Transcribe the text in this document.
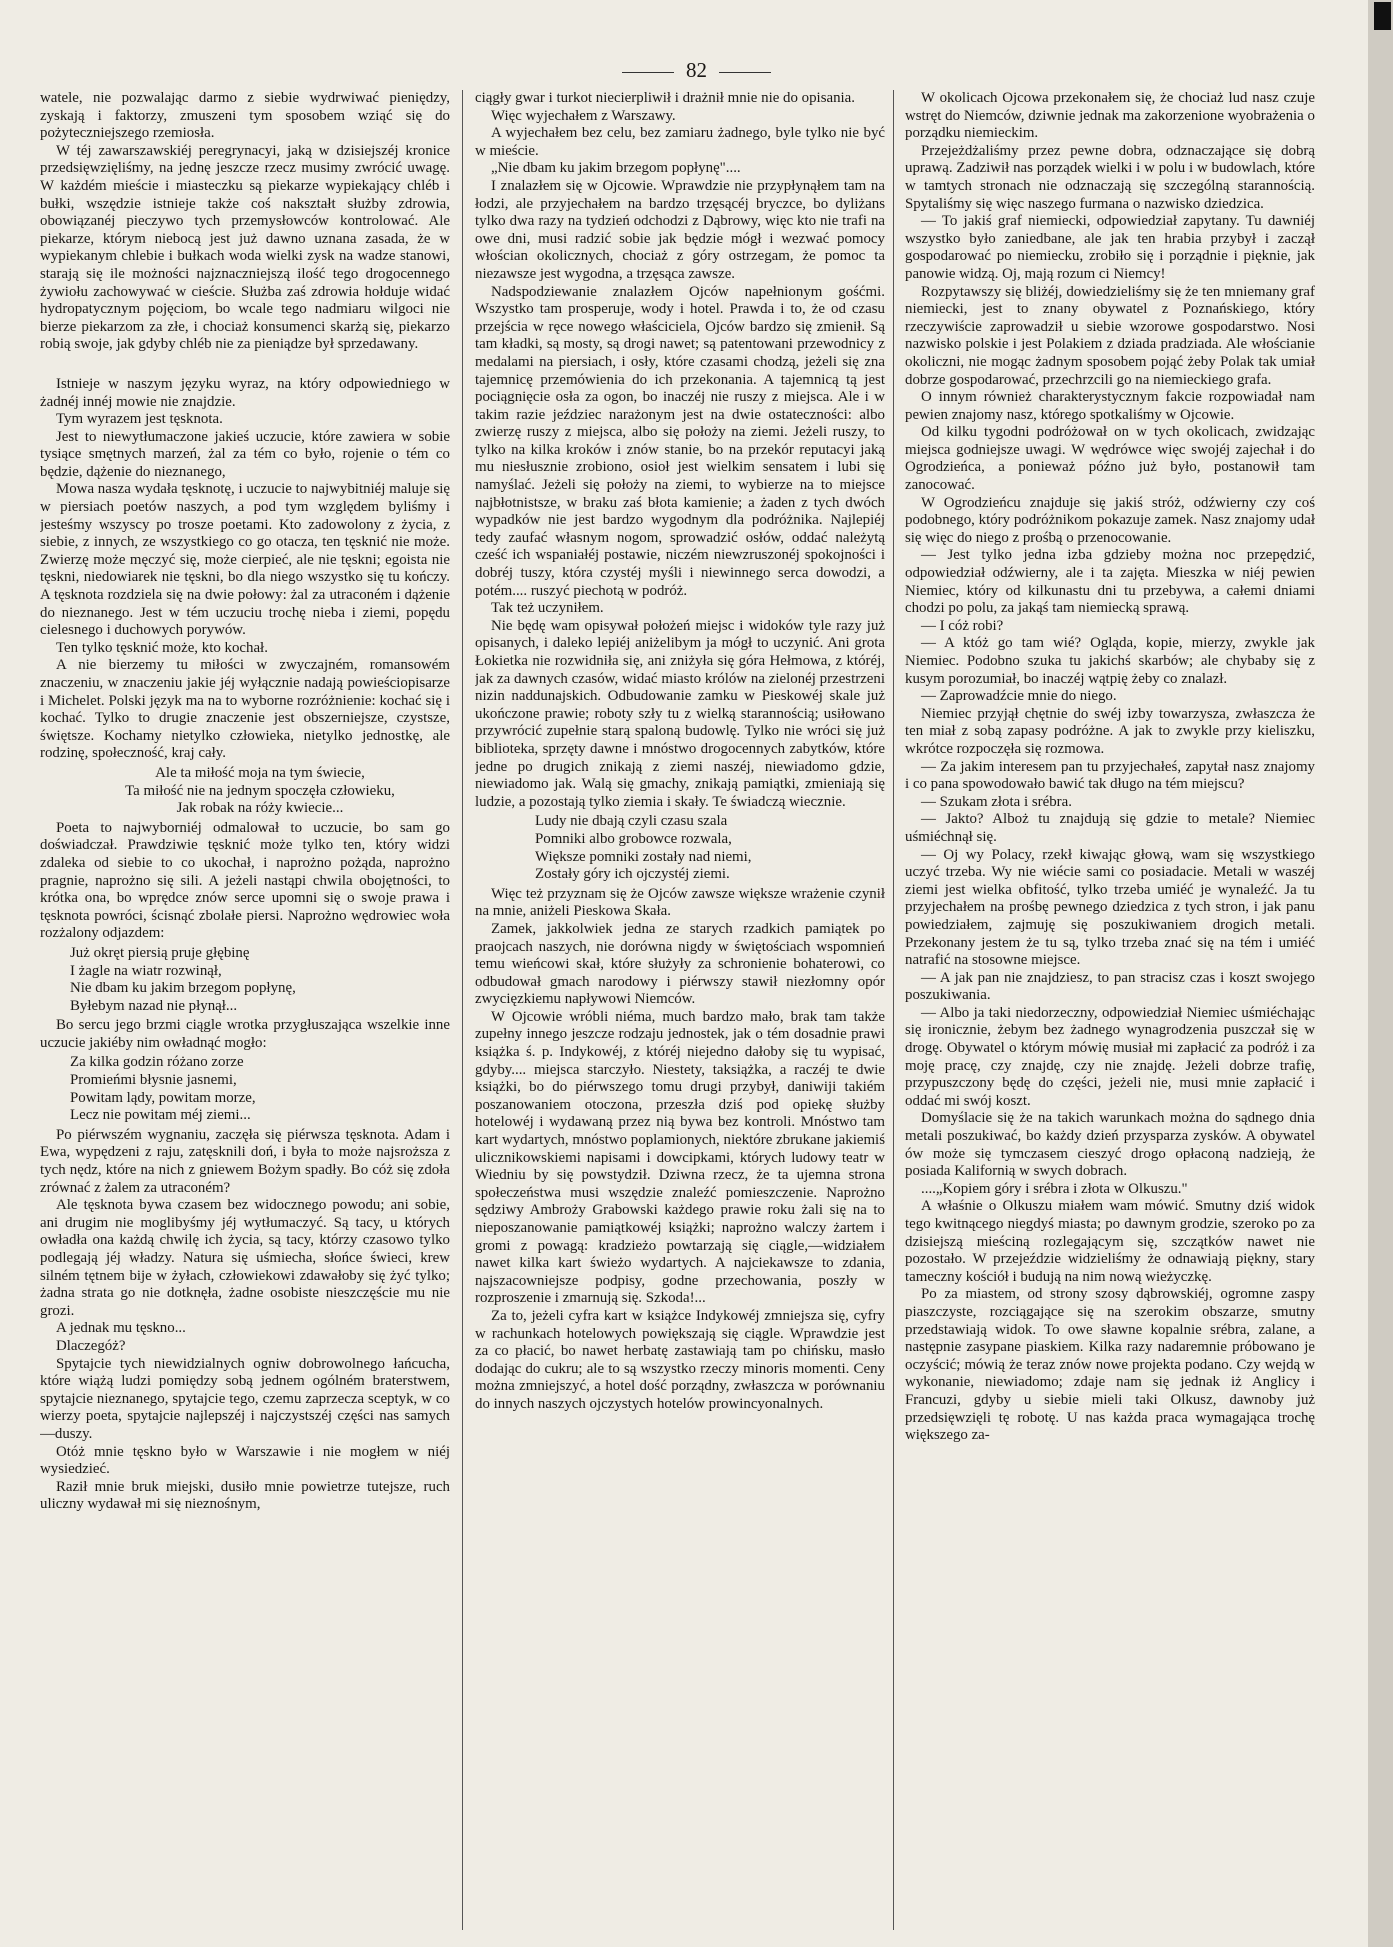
82

watele, nie pozwalając darmo z siebie wydrwiwać pieniędzy, zyskają i faktorzy, zmuszeni tym sposobem wziąć się do pożyteczniejszego rzemiosła.

W téj zawarszawskiéj peregrynacyi, jaką w dzisiejszéj kronice przedsięwzięliśmy, na jednę jeszcze rzecz musimy zwrócić uwagę. W każdém mieście i miasteczku są piekarze wypiekający chléb i bułki, wszędzie istnieje także coś nakształt służby zdrowia, obowiązanéj pieczywo tych przemysłowców kontrolować. Ale piekarze, którym niebocą jest już dawno uznana zasada, że w wypiekanym chlebie i bułkach woda wielki zysk na wadze stanowi, starają się ile możności najznaczniejszą ilość tego drogocennego żywiołu zachowywać w cieście. Służba zaś zdrowia hołduje widać hydropatycznym pojęciom, bo wcale tego nadmiaru wilgoci nie bierze piekarzom za złe, i chociaż konsumenci skarżą się, piekarzo robią swoje, jak gdyby chléb nie za pieniądze był sprzedawany.

Istnieje w naszym języku wyraz, na który odpowiedniego w żadnéj innéj mowie nie znajdzie.

Tym wyrazem jest tęsknota.

Jest to niewytłumaczone jakieś uczucie, które zawiera w sobie tysiące smętnych marzeń, żal za tém co było, rojenie o tém co będzie, dążenie do nieznanego,

Mowa nasza wydała tęsknotę, i uczucie to najwybitniéj maluje się w piersiach poetów naszych, a pod tym względem byliśmy i jesteśmy wszyscy po trosze poetami. Kto zadowolony z życia, z siebie, z innych, ze wszystkiego co go otacza, ten tęsknić nie może. Zwierzę może męczyć się, może cierpieć, ale nie tęskni; egoista nie tęskni, niedowiarek nie tęskni, bo dla niego wszystko się tu kończy. A tęsknota rozdziela się na dwie połowy: żal za utraconém i dążenie do nieznanego. Jest w tém uczuciu trochę nieba i ziemi, popędu cielesnego i duchowych porywów.

Ten tylko tęsknić może, kto kochał.

A nie bierzemy tu miłości w zwyczajném, romansowém znaczeniu, w znaczeniu jakie jéj wyłącznie nadają powieściopisarze i Michelet. Polski język ma na to wyborne rozróżnienie: kochać się i kochać. Tylko to drugie znaczenie jest obszerniejsze, czystsze, świętsze. Kochamy nietylko człowieka, nietylko jednostkę, ale rodzinę, społeczność, kraj cały.

Ale ta miłość moja na tym świecie,
Ta miłość nie na jednym spoczęła człowieku,
Jak robak na róży kwiecie...

Poeta to najwyborniéj odmalował to uczucie, bo sam go doświadczał. Prawdziwie tęsknić może tylko ten, który widzi zdaleka od siebie to co ukochał, i naprożno pożąda, naprożno pragnie, naprożno się sili. A jeżeli nastąpi chwila obojętności, to krótka ona, bo wprędce znów serce upomni się o swoje prawa i tęsknota powróci, ścisnąć zbolałe piersi. Naprożno wędrowiec woła rozżalony odjazdem:

Już okręt piersią pruje głębinę
I żagle na wiatr rozwinął,
Nie dbam ku jakim brzegom popłynę,
Byłebym nazad nie płynął...

Bo sercu jego brzmi ciągle wrotka przygłuszająca wszelkie inne uczucie jakiéby nim owładnąć mogło:

Za kilka godzin różano zorze
Promieńmi błysnie jasnemi,
Powitam lądy, powitam morze,
Lecz nie powitam méj ziemi...

Po piérwszém wygnaniu, zaczęła się piérwsza tęsknota. Adam i Ewa, wypędzeni z raju, zatęsknili doń, i była to może najsroższa z tych nędz, które na nich z gniewem Bożym spadły. Bo cóż się zdoła zrównać z żalem za utraconém?

Ale tęsknota bywa czasem bez widocznego powodu; ani sobie, ani drugim nie moglibyśmy jéj wytłumaczyć. Są tacy, u których owładła ona każdą chwilę ich życia, są tacy, którzy czasowo tylko podlegają jéj władzy. Natura się uśmiecha, słońce świeci, krew silném tętnem bije w żyłach, człowiekowi zdawałoby się żyć tylko; żadna strata go nie dotknęła, żadne osobiste nieszczęście mu nie grozi.

A jednak mu tęskno...

Dlaczegóż?

Spytajcie tych niewidzialnych ogniw dobrowolnego łańcucha, które wiążą ludzi pomiędzy sobą jednem ogólném braterstwem, spytajcie nieznanego, spytajcie tego, czemu zaprzecza sceptyk, w co wierzy poeta, spytajcie najlepszéj i najczystszéj części nas samych—duszy.

Otóż mnie tęskno było w Warszawie i nie mogłem w niéj wysiedzieć.

Raził mnie bruk miejski, dusiło mnie powietrze tutejsze, ruch uliczny wydawał mi się nieznośnym,

ciągły gwar i turkot niecierpliwił i drażnił mnie nie do opisania.

Więc wyjechałem z Warszawy.

A wyjechałem bez celu, bez zamiaru żadnego, byle tylko nie być w mieście.

„Nie dbam ku jakim brzegom popłynę"....

I znalazłem się w Ojcowie. Wprawdzie nie przypłynąłem tam na łodzi, ale przyjechałem na bardzo trzęsącéj bryczce, bo dyliżans tylko dwa razy na tydzień odchodzi z Dąbrowy, więc kto nie trafi na owe dni, musi radzić sobie jak będzie mógł i wezwać pomocy włościan okolicznych, chociaż z góry ostrzegam, że pomoc ta niezawsze jest wygodna, a trzęsąca zawsze.

Nadspodziewanie znalazłem Ojców napełnionym gośćmi. Wszystko tam prosperuje, wody i hotel. Prawda i to, że od czasu przejścia w ręce nowego właściciela, Ojców bardzo się zmienił. Są tam kładki, są mosty, są drogi nawet; są patentowani przewodnicy z medalami na piersiach, i osły, które czasami chodzą, jeżeli się zna tajemnicę przemówienia do ich przekonania. A tajemnicą tą jest pociągnięcie osła za ogon, bo inaczéj nie ruszy z miejsca. Ale i w takim razie jeździec narażonym jest na dwie ostateczności: albo zwierzę ruszy z miejsca, albo się położy na ziemi. Jeżeli ruszy, to tylko na kilka kroków i znów stanie, bo na przekór reputacyi jaką mu niesłusznie zrobiono, osioł jest wielkim sensatem i lubi się namyślać. Jeżeli się położy na ziemi, to wybierze na to miejsce najbłotnistsze, w braku zaś błota kamienie; a żaden z tych dwóch wypadków nie jest bardzo wygodnym dla podróżnika. Najlepiéj tedy zaufać własnym nogom, sprowadzić osłów, oddać należytą cześć ich wspaniałéj postawie, niczém niewzruszonéj spokojności i dobréj tuszy, która czystéj myśli i niewinnego serca dowodzi, a potém.... ruszyć piechotą w podróż.

Tak też uczyniłem.

Nie będę wam opisywał położeń miejsc i widoków tyle razy już opisanych, i daleko lepiéj aniżelibym ja mógł to uczynić. Ani grota Łokietka nie rozwidniła się, ani zniżyła się góra Hełmowa, z któréj, jak za dawnych czasów, widać miasto królów na zielonéj przestrzeni nizin naddunajskich. Odbudowanie zamku w Pieskowéj skale już ukończone prawie; roboty szły tu z wielką starannością; usiłowano przywrócić zupełnie starą spaloną budowlę. Tylko nie wróci się już biblioteka, sprzęty dawne i mnóstwo drogocennych zabytków, które jedne po drugich znikają z ziemi naszéj, niewiadomo gdzie, niewiadomo jak. Walą się gmachy, znikają pamiątki, zmieniają się ludzie, a pozostają tylko ziemia i skały. Te świadczą wiecznie.

Ludy nie dbają czyli czasu szala
Pomniki albo grobowce rozwala,
Większe pomniki zostały nad niemi,
Zostały góry ich ojczystéj ziemi.

Więc też przyznam się że Ojców zawsze większe wrażenie czynił na mnie, aniżeli Pieskowa Skała.

Zamek, jakkolwiek jedna ze starych rzadkich pamiątek po praojcach naszych, nie dorówna nigdy w świętościach wspomnień temu wieńcowi skał, które służyły za schronienie bohaterowi, co odbudował gmach narodowy i piérwszy stawił niezłomny opór zwycięzkiemu napływowi Niemców.

W Ojcowie wróbli niéma, much bardzo mało, brak tam także zupełny innego jeszcze rodzaju jednostek, jak o tém dosadnie prawi książka ś. p. Indykowéj, z któréj niejedno dałoby się tu wypisać, gdyby.... miejsca starczyło. Niestety, taksiążka, a raczéj te dwie książki, bo do piérwszego tomu drugi przybył, daniwiji takiém poszanowaniem otoczona, przeszła dziś pod opiekę służby hotelowéj i wydawaną przez nią bywa bez kontroli. Mnóstwo tam kart wydartych, mnóstwo poplamionych, niektóre zbrukane jakiemiś ulicznikowskiemi napisami i dowcipkami, których ludowy teatr w Wiedniu by się powstydził. Dziwna rzecz, że ta ujemna strona społeczeństwa musi wszędzie znaleźć pomieszczenie. Naprożno sędziwy Ambroży Grabowski każdego prawie roku żali się na to nieposzanowanie pamiątkowéj książki; naprożno walczy żartem i gromi z powagą: kradzieżo powtarzają się ciągle,—widziałem nawet kilka kart świeżo wydartych. A najciekawsze to zdania, najszacowniejsze podpisy, godne przechowania, poszły w rozproszenie i zmarnują się. Szkoda!...

Za to, jeżeli cyfra kart w książce Indykowéj zmniejsza się, cyfry w rachunkach hotelowych powiększają się ciągle. Wprawdzie jest za co płacić, bo nawet herbatę zastawiają tam po chińsku, masło dodając do cukru; ale to są wszystko rzeczy minoris momenti. Ceny można zmniejszyć, a hotel dość porządny, zwłaszcza w porównaniu do innych naszych ojczystych hotelów prowincyonalnych.

W okolicach Ojcowa przekonałem się, że chociaż lud nasz czuje wstręt do Niemców, dziwnie jednak ma zakorzenione wyobrażenia o porządku niemieckim.

Przejeżdżaliśmy przez pewne dobra, odznaczające się dobrą uprawą. Zadziwił nas porządek wielki i w polu i w budowlach, które w tamtych stronach nie odznaczają się szczególną starannością. Spytaliśmy się więc naszego furmana o nazwisko dziedzica.

— To jakiś graf niemiecki, odpowiedział zapytany. Tu dawniéj wszystko było zaniedbane, ale jak ten hrabia przybył i zaczął gospodarować po niemiecku, zrobiło się i porządnie i pięknie, jak panowie widzą. Oj, mają rozum ci Niemcy!

Rozpytawszy się bliżéj, dowiedzieliśmy się że ten mniemany graf niemiecki, jest to znany obywatel z Poznańskiego, który rzeczywiście zaprowadził u siebie wzorowe gospodarstwo. Nosi nazwisko polskie i jest Polakiem z dziada pradziada. Ale włościanie okoliczni, nie mogąc żadnym sposobem pojąć żeby Polak tak umiał dobrze gospodarować, przechrzcili go na niemieckiego grafa.

O innym również charakterystycznym fakcie rozpowiadał nam pewien znajomy nasz, którego spotkaliśmy w Ojcowie.

Od kilku tygodni podróżował on w tych okolicach, zwidzając miejsca godniejsze uwagi. W wędrówce więc swojéj zajechał i do Ogrodzieńca, a ponieważ późno już było, postanowił tam zanocować.

W Ogrodzieńcu znajduje się jakiś stróż, odźwierny czy coś podobnego, który podróżnikom pokazuje zamek. Nasz znajomy udał się więc do niego z prośbą o przenocowanie.

— Jest tylko jedna izba gdzieby można noc przepędzić, odpowiedział odźwierny, ale i ta zajęta. Mieszka w niéj pewien Niemiec, który od kilkunastu dni tu przebywa, a całemi dniami chodzi po polu, za jakąś tam niemiecką sprawą.

— I cóż robi?

— A któż go tam wié? Ogląda, kopie, mierzy, zwykle jak Niemiec. Podobno szuka tu jakichś skarbów; ale chybaby się z kusym porozumiał, bo inaczéj wątpię żeby co znalazł.

— Zaprowadźcie mnie do niego.

Niemiec przyjął chętnie do swéj izby towarzysza, zwłaszcza że ten miał z sobą zapasy podróżne. A jak to zwykle przy kieliszku, wkrótce rozpoczęła się rozmowa.

— Za jakim interesem pan tu przyjechałeś, zapytał nasz znajomy i co pana spowodowało bawić tak długo na tém miejscu?

— Szukam złota i srébra.

— Jakto? Alboż tu znajdują się gdzie to metale? Niemiec uśmiéchnął się.

— Oj wy Polacy, rzekł kiwając głową, wam się wszystkiego uczyć trzeba. Wy nie wiécie sami co posiadacie. Metali w waszéj ziemi jest wielka obfitość, tylko trzeba umiéć je wynaleźć. Ja tu przyjechałem na prośbę pewnego dziedzica z tych stron, i jak panu powiedziałem, zajmuję się poszukiwaniem drogich metali. Przekonany jestem że tu są, tylko trzeba znać się na tém i umiéć natrafić na stosowne miejsce.

— A jak pan nie znajdziesz, to pan stracisz czas i koszt swojego poszukiwania.

— Albo ja taki niedorzeczny, odpowiedział Niemiec uśmiéchając się ironicznie, żebym bez żadnego wynagrodzenia puszczał się w drogę. Obywatel o którym mówię musiał mi zapłacić za podróż i za moję pracę, czy znajdę, czy nie znajdę. Jeżeli dobrze trafię, przypuszczony będę do części, jeżeli nie, musi mnie zapłacić i oddać mi swój koszt.

Domyślacie się że na takich warunkach można do sądnego dnia metali poszukiwać, bo każdy dzień przysparza zysków. A obywatel ów może się tymczasem cieszyć drogo opłaconą nadzieją, że posiada Kalifornią w swych dobrach.

....„Kopiem góry i srébra i złota w Olkuszu."

A właśnie o Olkuszu miałem wam mówić. Smutny dziś widok tego kwitnącego niegdyś miasta; po dawnym grodzie, szeroko po za dzisiejszą mieściną rozlegającym się, szczątków nawet nie pozostało. W przejeździe widzieliśmy że odnawiają piękny, stary tameczny kościół i budują na nim nową wieżyczkę.

Po za miastem, od strony szosy dąbrowskiéj, ogromne zaspy piaszczyste, rozciągające się na szerokim obszarze, smutny przedstawiają widok. To owe sławne kopalnie srébra, zalane, a następnie zasypane piaskiem. Kilka razy nadaremnie próbowano je oczyścić; mówią że teraz znów nowe projekta podano. Czy wejdą w wykonanie, niewiadomo; zdaje nam się jednak iż Anglicy i Francuzi, gdyby u siebie mieli taki Olkusz, dawnoby już przedsięwzięli tę robotę. U nas każda praca wymagająca trochę większego za-
